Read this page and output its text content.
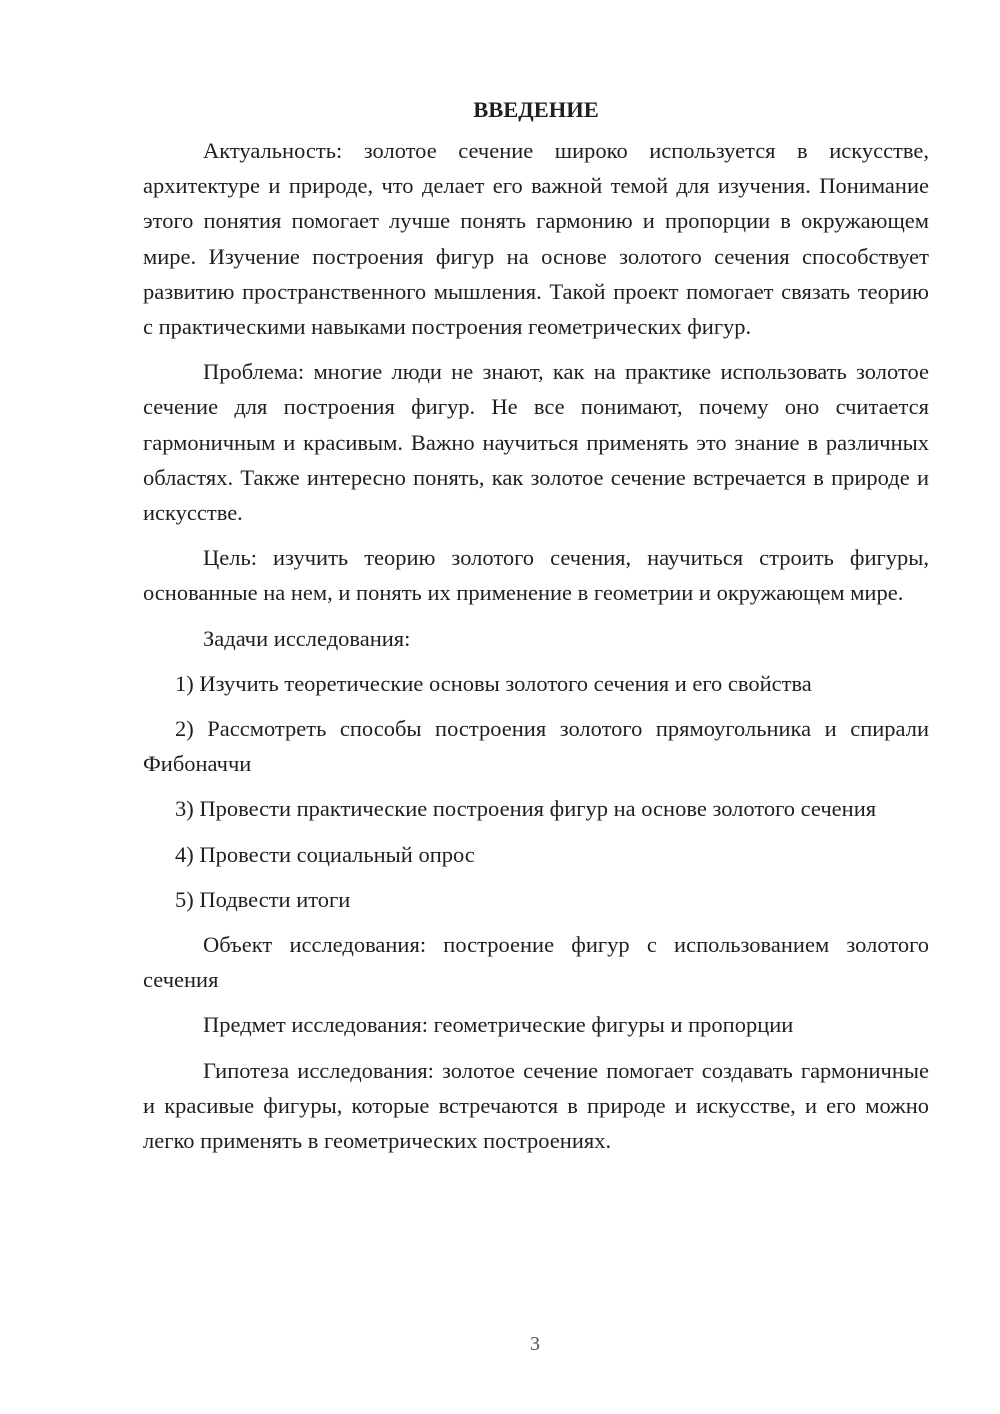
ВВЕДЕНИЕ

Актуальность: золотое сечение широко используется в искусстве, архитектуре и природе, что делает его важной темой для изучения. Понимание этого понятия помогает лучше понять гармонию и пропорции в окружающем мире. Изучение построения фигур на основе золотого сечения способствует развитию пространственного мышления. Такой проект помогает связать теорию с практическими навыками построения геометрических фигур.

Проблема: многие люди не знают, как на практике использовать золотое сечение для построения фигур. Не все понимают, почему оно считается гармоничным и красивым. Важно научиться применять это знание в различных областях. Также интересно понять, как золотое сечение встречается в природе и искусстве.

Цель: изучить теорию золотого сечения, научиться строить фигуры, основанные на нем, и понять их применение в геометрии и окружающем мире.

Задачи исследования:

1) Изучить теоретические основы золотого сечения и его свойства

2) Рассмотреть способы построения золотого прямоугольника и спирали Фибоначчи

3) Провести практические построения фигур на основе золотого сечения

4) Провести социальный опрос

5) Подвести итоги

Объект исследования: построение фигур с использованием золотого сечения

Предмет исследования: геометрические фигуры и пропорции

Гипотеза исследования: золотое сечение помогает создавать гармоничные и красивые фигуры, которые встречаются в природе и искусстве, и его можно легко применять в геометрических построениях.

3
